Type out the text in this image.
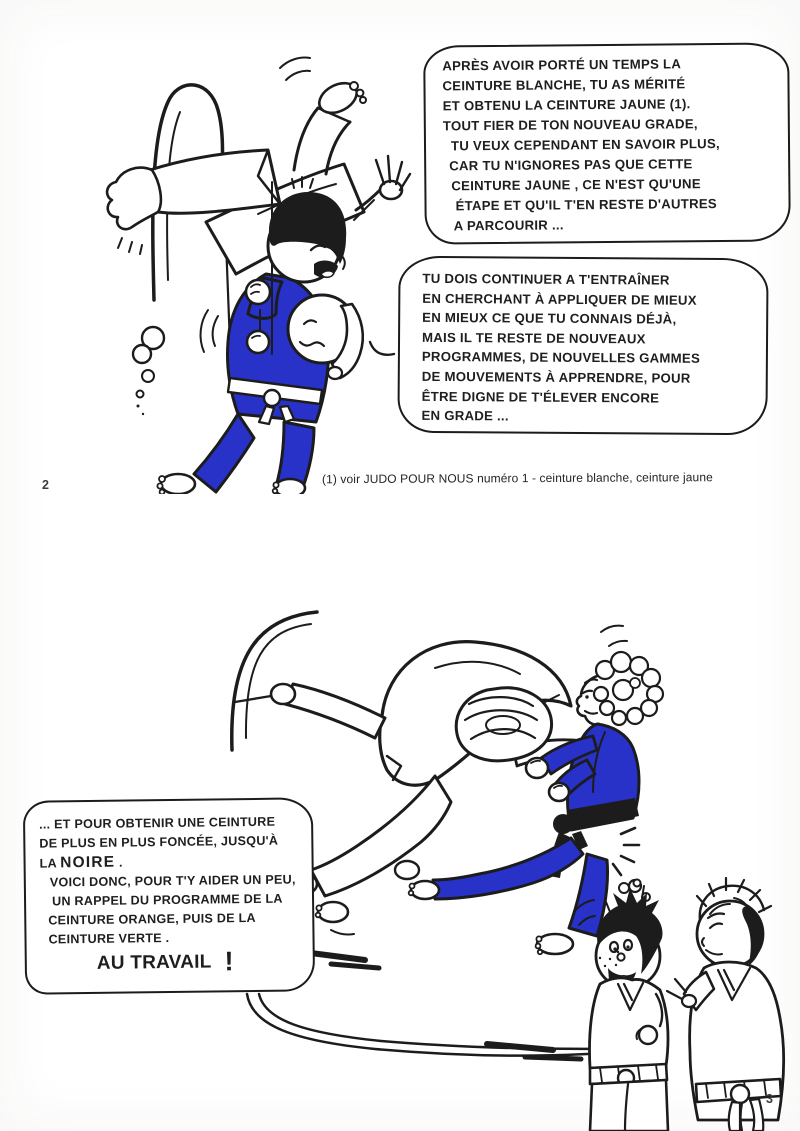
APRÈS AVOIR PORTÉ UN TEMPS LA
CEINTURE BLANCHE, TU AS MÉRITÉ
ET OBTENU LA CEINTURE JAUNE (1).
TOUT FIER DE TON NOUVEAU GRADE,
TU VEUX CEPENDANT EN SAVOIR PLUS,
CAR TU N'IGNORES PAS QUE CETTE
CEINTURE JAUNE , CE N'EST QU'UNE
ÉTAPE ET QU'IL T'EN RESTE D'AUTRES
A PARCOURIR ...
TU DOIS CONTINUER A T'ENTRAÎNER
EN CHERCHANT À APPLIQUER DE MIEUX
EN MIEUX CE QUE TU CONNAIS DÉJÀ,
MAIS IL TE RESTE DE NOUVEAUX
PROGRAMMES, DE NOUVELLES GAMMES
DE MOUVEMENTS À APPRENDRE, POUR
ÊTRE DIGNE DE T'ÉLEVER ENCORE
EN GRADE ...
2	(1) voir JUDO POUR NOUS numéro 1 - ceinture blanche, ceinture jaune
... ET POUR OBTENIR UNE CEINTURE
DE PLUS EN PLUS FONCÉE, JUSQU'À
LA NOIRE .
VOICI DONC, POUR T'Y AIDER UN PEU,
UN RAPPEL DU PROGRAMME DE LA
CEINTURE ORANGE, PUIS DE LA
CEINTURE VERTE .
AU TRAVAIL !
3
